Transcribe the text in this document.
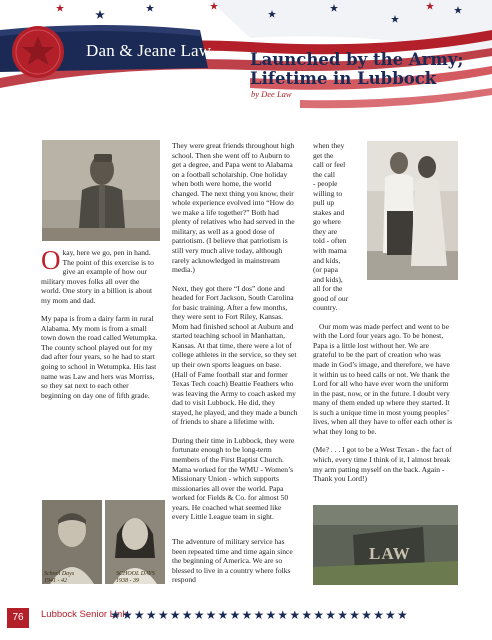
Dan & Jeane Law Launched by the Army;
Lifetime in Lubbock
by Dee Law
School Days
1941 - 42
SCHOOL DAYS
1938 - 39
LAW

Okay, here we go, pen in hand. The point of this exercise is to give an example of how our military moves folks all over the world. One story in a billion is about my mom and dad.

My papa is from a dairy farm in rural Alabama. My mom is from a small town down the road called Wetumpka. The county school played out for my dad after four years, so he had to start going to school in Wetumpka. His last name was Law and hers was Morriss, so they sat next to each other beginning on day one of fifth grade.

They were great friends throughout high school. Then she went off to Auburn to get a degree, and Papa went to Alabama on a football scholarship. One holiday when both were home, the world changed. The next thing you know, their whole experience evolved into “How do we make a life together?” Both had plenty of relatives who had served in the military, as well as a good dose of patriotism. (I believe that patriotism is still very much alive today, although rarely acknowledged in mainstream media.)

Next, they got there “I dos” done and headed for Fort Jackson, South Carolina for basic training. After a few months, they were sent to Fort Riley, Kansas. Mom had finished school at Auburn and started teaching school in Manhattan, Kansas. At that time, there were a lot of college athletes in the service, so they set up their own sports leagues on base. (Hall of Fame football star and former Texas Tech coach) Beattie Feathers who was leaving the Army to coach asked my dad to visit Lubbock. He did, they stayed, he played, and they made a bunch of friends to share a lifetime with.

During their time in Lubbock, they were fortunate enough to be long-term members of the First Baptist Church. Mama worked for the WMU - Women’s Missionary Union - which supports missionaries all over the world. Papa worked for Fields & Co. for almost 50 years. He coached what seemed like every Little League team in sight.

The adventure of military service has been repeated time and time again since the beginning of America. We are so blessed to live in a country where folks respond

when they
get the
call or feel
the call
- people
willing to
pull up
stakes and
go where
they are
told - often
with mama
and kids,
(or papa
and kids),
all for the
good of our
country.

Our mom was made perfect and went to be with the Lord four years ago. To be honest, Papa is a little lost without her. We are grateful to be the part of creation who was made in God’s image, and therefore, we have it within us to heed calls or not. We thank the Lord for all who have ever worn the uniform in the past, now, or in the future. I doubt very many of them ended up where they started. It is such a unique time in most young peoples’ lives, when all they have to offer each other is what they long to be.

(Me? . . . I got to be a West Texan - the fact of which, every time I think of it, I almost break my arm patting myself on the back. Again - Thank you Lord!)

76	Lubbock Senior Link
★★★★★★★★★★★★★★★★★★★★★★★★★
